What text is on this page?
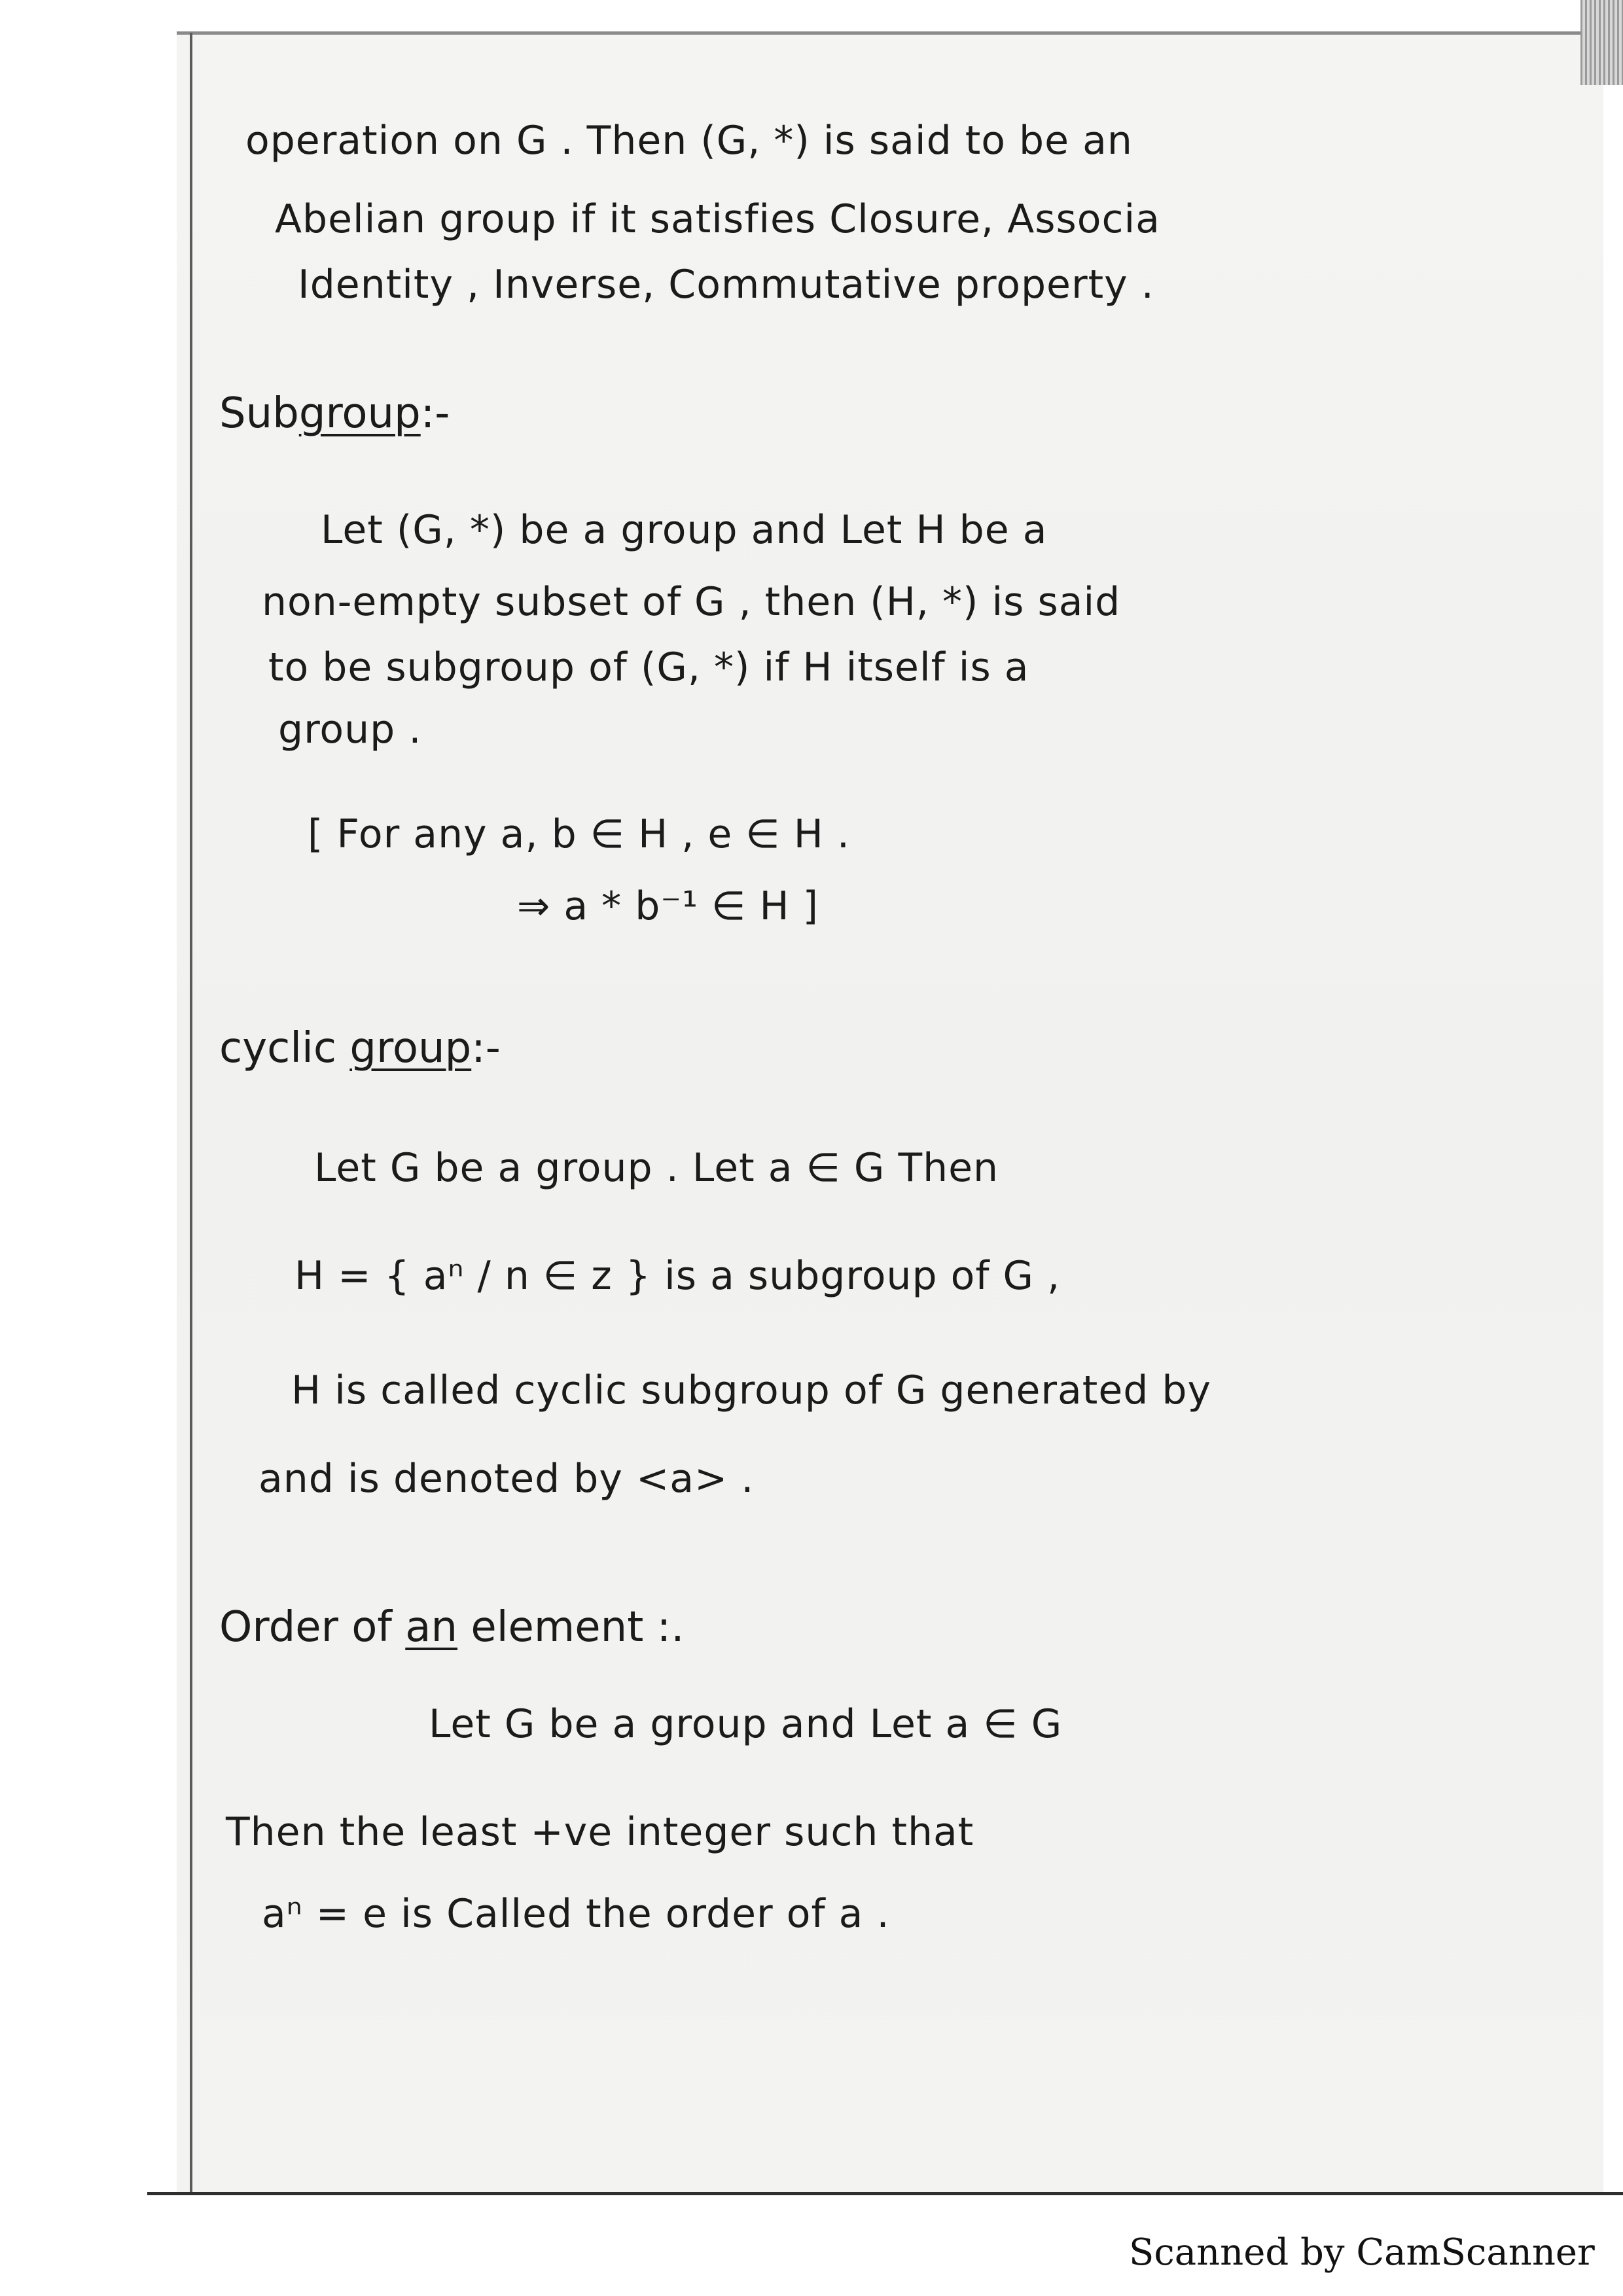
operation on G . Then (G, *) is said to be an
Abelian group if it satisfies Closure, Associa
Identity , Inverse, Commutative property .
Subgroup:-
Let (G, *) be a group and Let H be a
non-empty subset of G , then (H, *) is said
to be subgroup of (G, *) if H itself is a
group .
[ For any a, b ∈ H , e ∈ H .
⇒ a * b⁻¹ ∈ H ]
cyclic group:-
Let G be a group . Let a ∈ G Then
H = { aⁿ / n ∈ z } is a subgroup of G ,
H is called cyclic subgroup of G generated by
and is denoted by <a> .
Order of an element :.
Let G be a group and Let a ∈ G
Then the least +ve integer such that
aⁿ = e is Called the order of a .
Scanned by CamScanner
